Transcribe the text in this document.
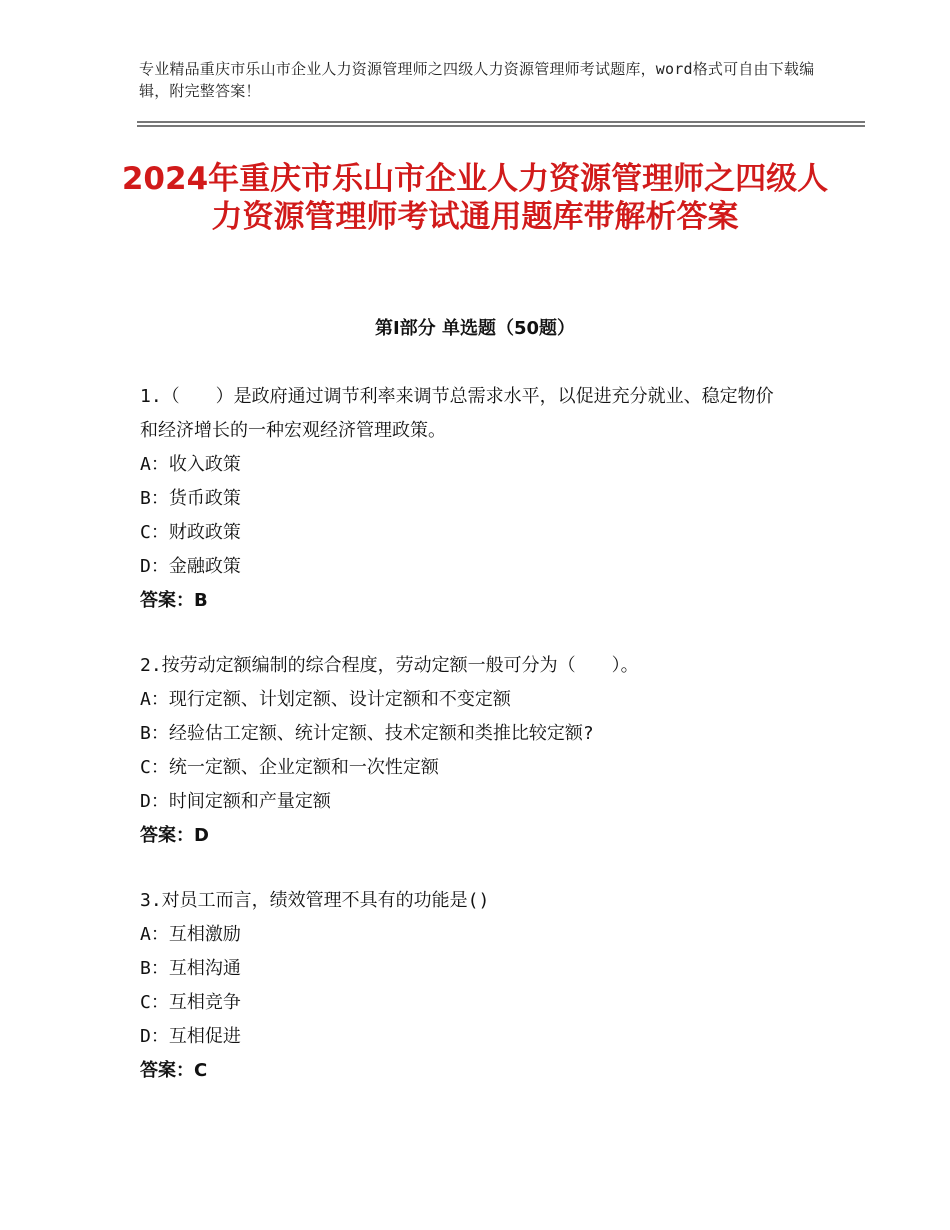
专业精品重庆市乐山市企业人力资源管理师之四级人力资源管理师考试题库，word格式可自由下载编辑，附完整答案！
2024年重庆市乐山市企业人力资源管理师之四级人力资源管理师考试通用题库带解析答案
第Ⅰ部分 单选题（50题）
1.（　　）是政府通过调节利率来调节总需求水平，以促进充分就业、稳定物价和经济增长的一种宏观经济管理政策。
A：收入政策
B：货币政策
C：财政政策
D：金融政策
答案：B
2.按劳动定额编制的综合程度，劳动定额一般可分为（　　）。
A：现行定额、计划定额、设计定额和不变定额
B：经验估工定额、统计定额、技术定额和类推比较定额?
C：统一定额、企业定额和一次性定额
D：时间定额和产量定额
答案：D
3.对员工而言，绩效管理不具有的功能是()
A：互相激励
B：互相沟通
C：互相竞争
D：互相促进
答案：C
